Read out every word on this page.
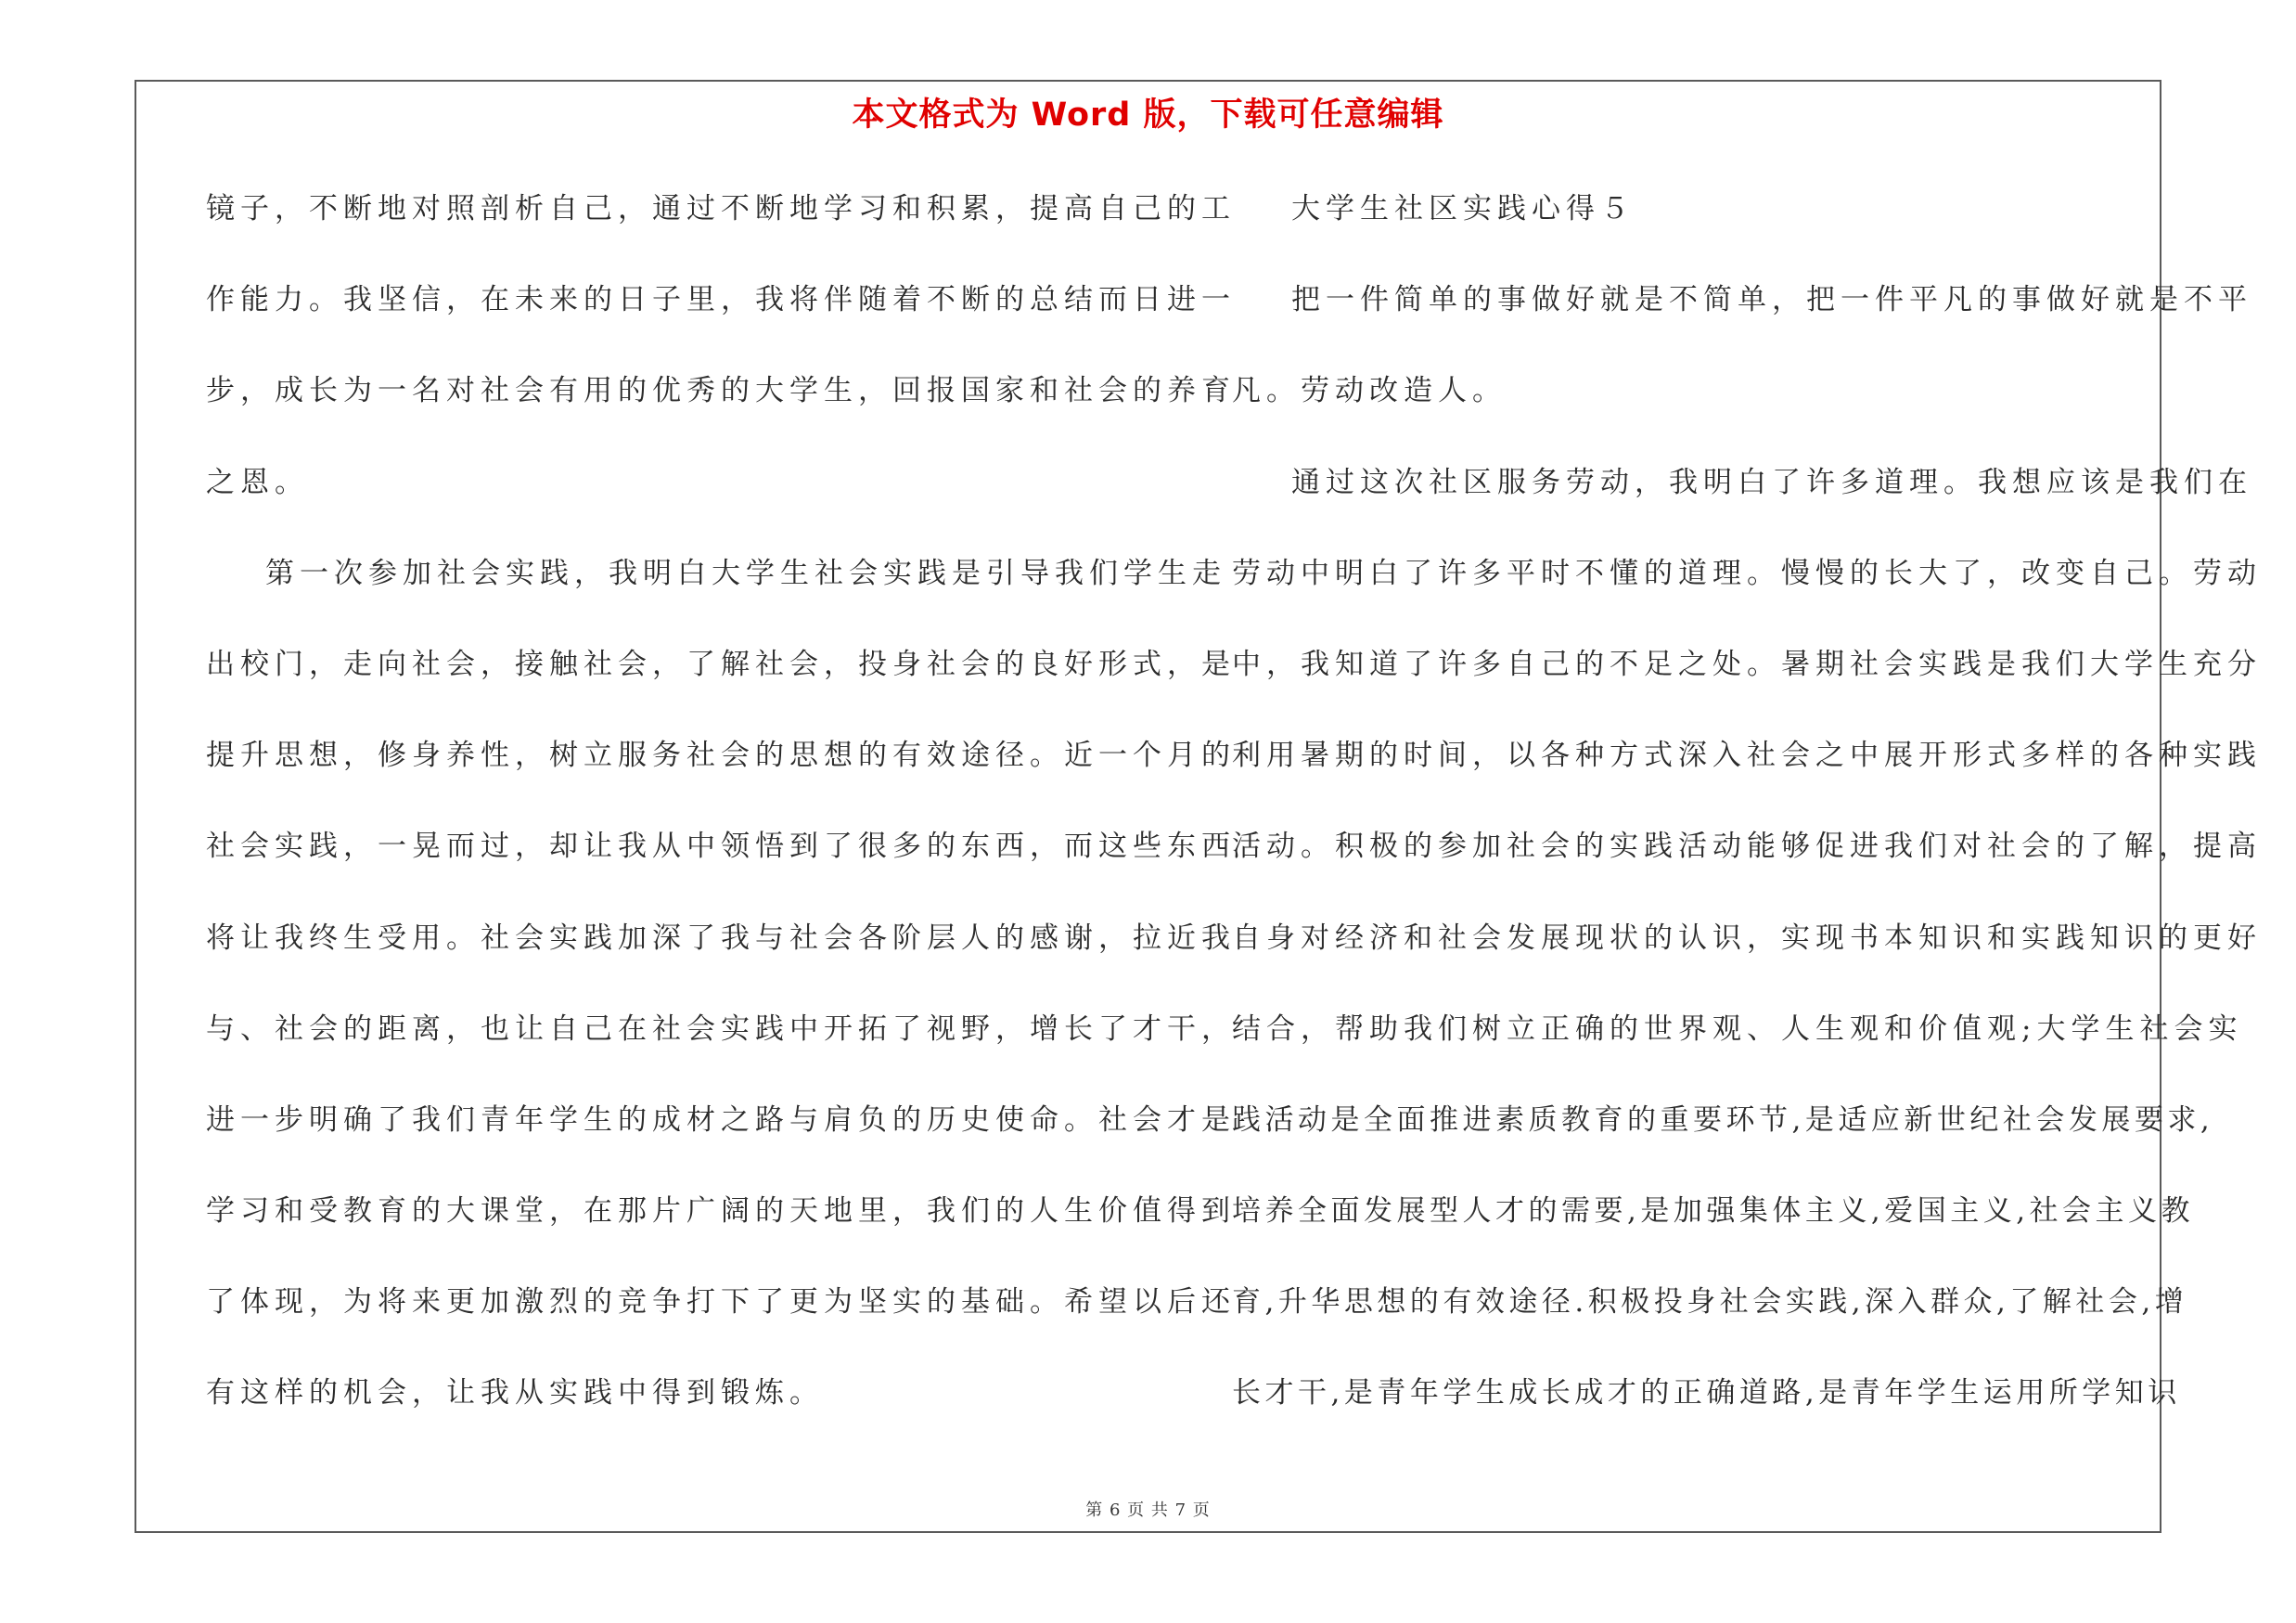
本文格式为 Word 版，下载可任意编辑
镜子，不断地对照剖析自己，通过不断地学习和积累，提高自己的工
作能力。我坚信，在未来的日子里，我将伴随着不断的总结而日进一
步，成长为一名对社会有用的优秀的大学生，回报国家和社会的养育
之恩。
第一次参加社会实践，我明白大学生社会实践是引导我们学生走
出校门，走向社会，接触社会，了解社会，投身社会的良好形式，是
提升思想，修身养性，树立服务社会的思想的有效途径。近一个月的
社会实践，一晃而过，却让我从中领悟到了很多的东西，而这些东西
将让我终生受用。社会实践加深了我与社会各阶层人的感谢，拉近我
与、社会的距离，也让自己在社会实践中开拓了视野，增长了才干，
进一步明确了我们青年学生的成材之路与肩负的历史使命。社会才是
学习和受教育的大课堂，在那片广阔的天地里，我们的人生价值得到
了体现，为将来更加激烈的竞争打下了更为坚实的基础。希望以后还
有这样的机会，让我从实践中得到锻炼。
大学生社区实践心得５
把一件简单的事做好就是不简单，把一件平凡的事做好就是不平
凡。劳动改造人。
通过这次社区服务劳动，我明白了许多道理。我想应该是我们在
劳动中明白了许多平时不懂的道理。慢慢的长大了，改变自己。劳动
中，我知道了许多自己的不足之处。暑期社会实践是我们大学生充分
利用暑期的时间，以各种方式深入社会之中展开形式多样的各种实践
活动。积极的参加社会的实践活动能够促进我们对社会的了解，提高
自身对经济和社会发展现状的认识，实现书本知识和实践知识的更好
结合，帮助我们树立正确的世界观、人生观和价值观;大学生社会实
践活动是全面推进素质教育的重要环节,是适应新世纪社会发展要求,
培养全面发展型人才的需要,是加强集体主义,爱国主义,社会主义教
育,升华思想的有效途径.积极投身社会实践,深入群众,了解社会,增
长才干,是青年学生成长成才的正确道路,是青年学生运用所学知识
第 6 页 共 7 页
